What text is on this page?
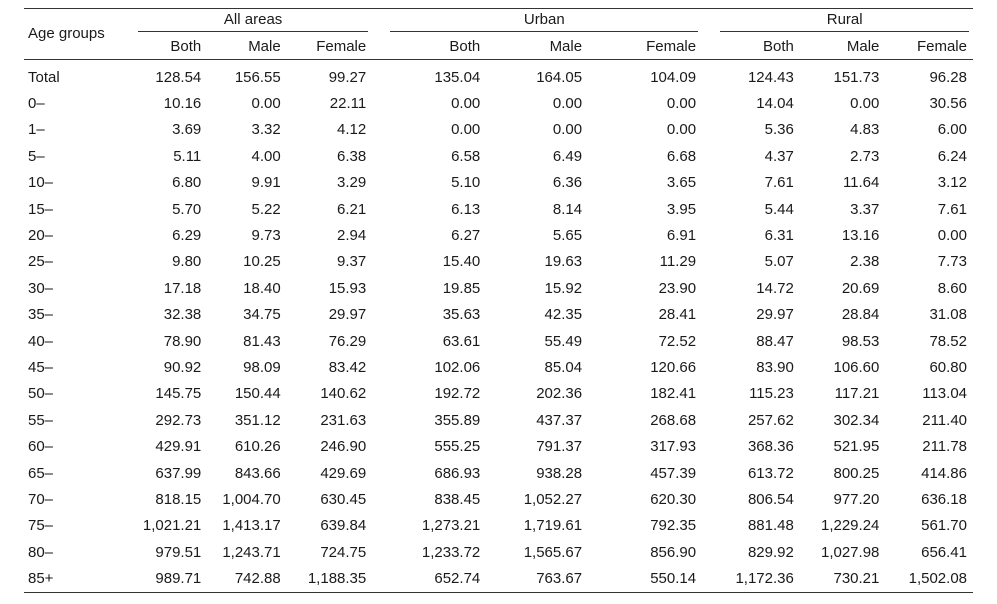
Age groups	All areas				Urban				Rural		

	Both	Male	Female		Both	Male	Female		Both	Male	Female
Total	128.54	156.55	99.27		135.04	164.05	104.09		124.43	151.73	96.28
0–	10.16	0.00	22.11		0.00	0.00	0.00		14.04	0.00	30.56
1–	3.69	3.32	4.12		0.00	0.00	0.00		5.36	4.83	6.00
5–	5.11	4.00	6.38		6.58	6.49	6.68		4.37	2.73	6.24
10–	6.80	9.91	3.29		5.10	6.36	3.65		7.61	11.64	3.12
15–	5.70	5.22	6.21		6.13	8.14	3.95		5.44	3.37	7.61
20–	6.29	9.73	2.94		6.27	5.65	6.91		6.31	13.16	0.00
25–	9.80	10.25	9.37		15.40	19.63	11.29		5.07	2.38	7.73
30–	17.18	18.40	15.93		19.85	15.92	23.90		14.72	20.69	8.60
35–	32.38	34.75	29.97		35.63	42.35	28.41		29.97	28.84	31.08
40–	78.90	81.43	76.29		63.61	55.49	72.52		88.47	98.53	78.52
45–	90.92	98.09	83.42		102.06	85.04	120.66		83.90	106.60	60.80
50–	145.75	150.44	140.62		192.72	202.36	182.41		115.23	117.21	113.04
55–	292.73	351.12	231.63		355.89	437.37	268.68		257.62	302.34	211.40
60–	429.91	610.26	246.90		555.25	791.37	317.93		368.36	521.95	211.78
65–	637.99	843.66	429.69		686.93	938.28	457.39		613.72	800.25	414.86
70–	818.15	1,004.70	630.45		838.45	1,052.27	620.30		806.54	977.20	636.18
75–	1,021.21	1,413.17	639.84		1,273.21	1,719.61	792.35		881.48	1,229.24	561.70
80–	979.51	1,243.71	724.75		1,233.72	1,565.67	856.90		829.92	1,027.98	656.41
85+	989.71	742.88	1,188.35		652.74	763.67	550.14		1,172.36	730.21	1,502.08
